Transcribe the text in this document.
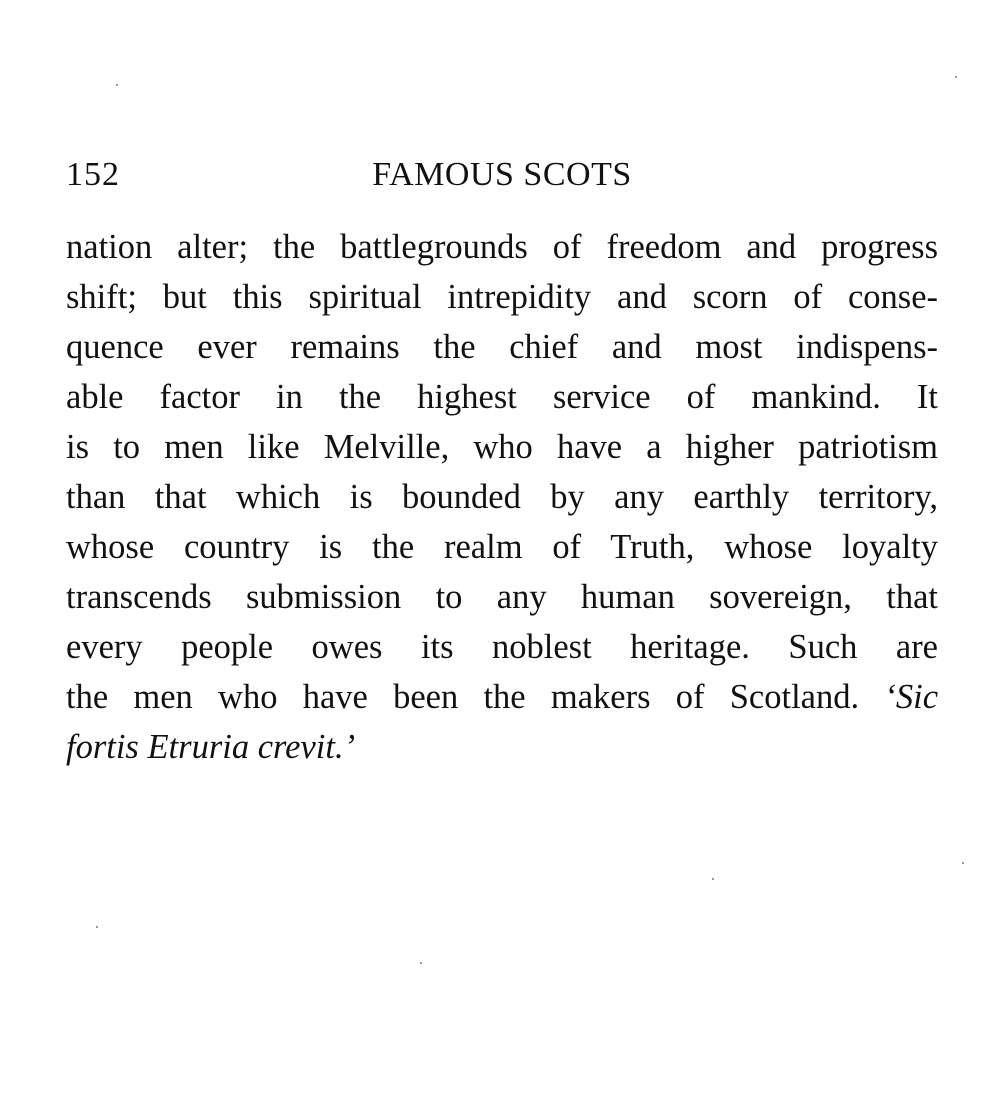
152	FAMOUS SCOTS
nation alter; the battlegrounds of freedom and progress
shift; but this spiritual intrepidity and scorn of conse-
quence ever remains the chief and most indispens-
able factor in the highest service of mankind. It
is to men like Melville, who have a higher patriotism
than that which is bounded by any earthly territory,
whose country is the realm of Truth, whose loyalty
transcends submission to any human sovereign, that
every people owes its noblest heritage. Such are
the men who have been the makers of Scotland. ‘Sic
fortis Etruria crevit.’
